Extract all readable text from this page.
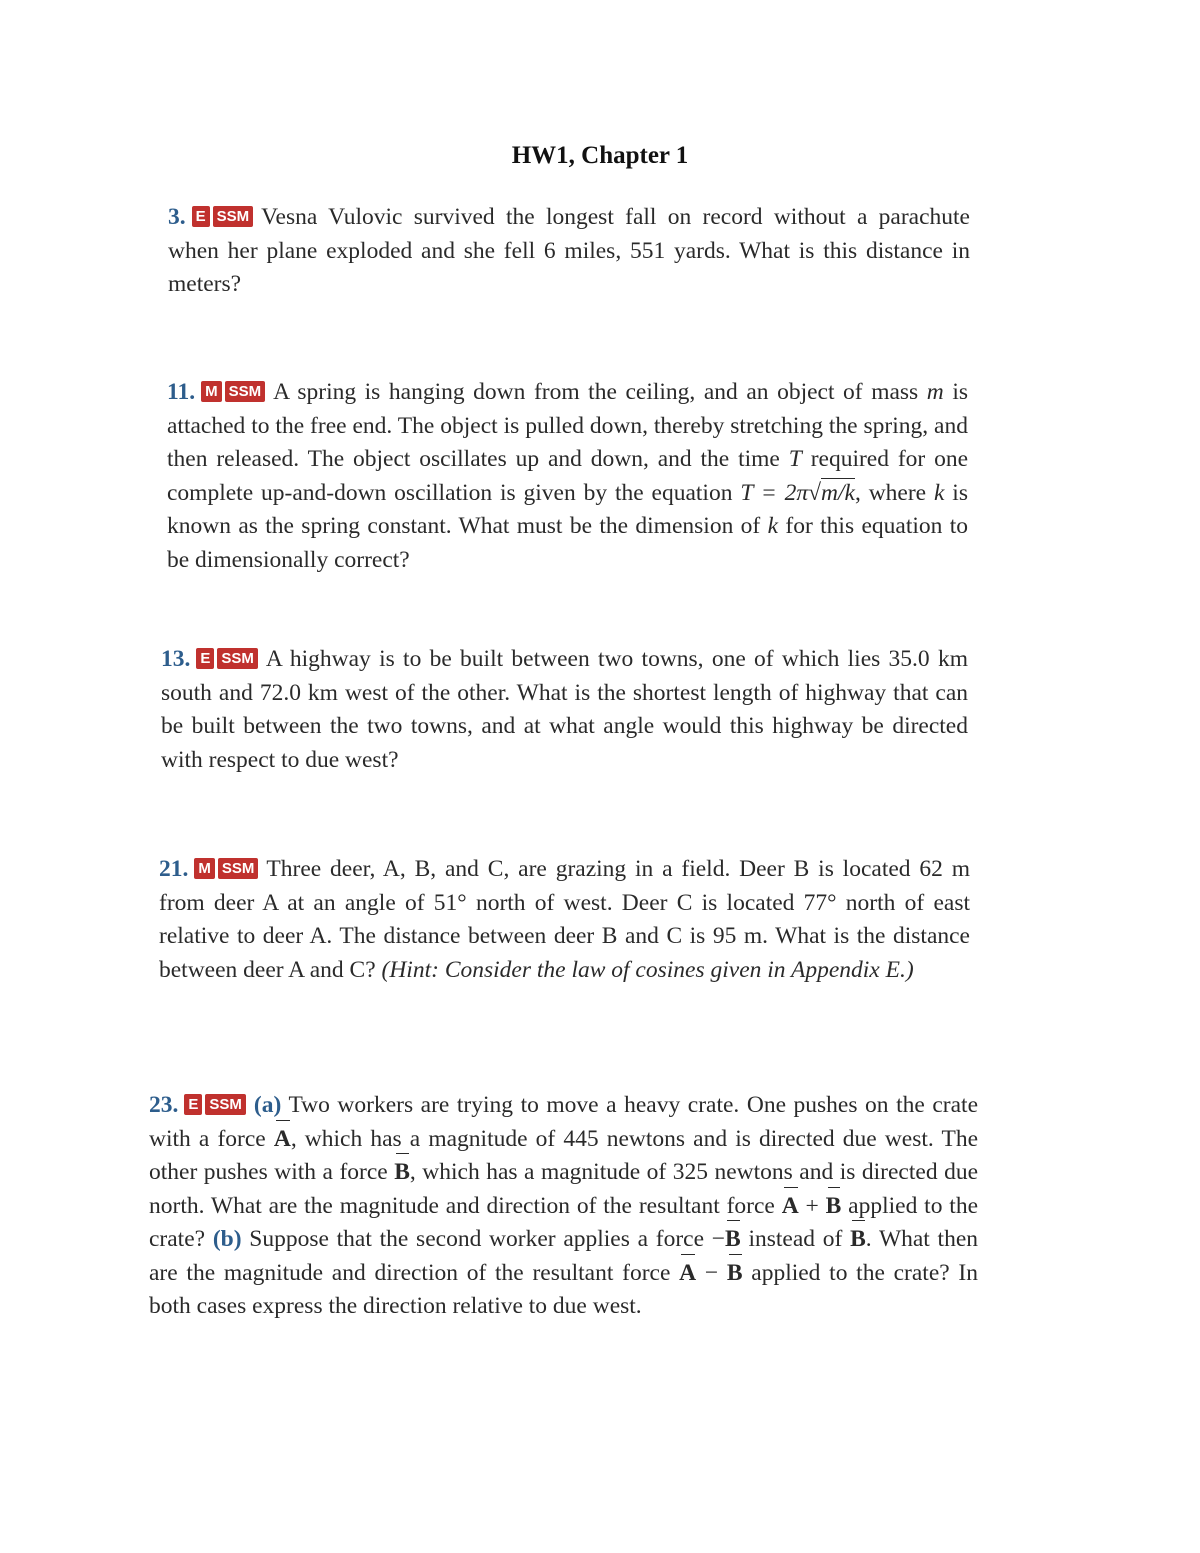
HW1, Chapter 1
3. E SSM Vesna Vulovic survived the longest fall on record without a parachute when her plane exploded and she fell 6 miles, 551 yards. What is this distance in meters?
11. M SSM A spring is hanging down from the ceiling, and an object of mass m is attached to the free end. The object is pulled down, thereby stretching the spring, and then released. The object oscillates up and down, and the time T required for one complete up-and-down oscillation is given by the equation T = 2π√m/k, where k is known as the spring constant. What must be the dimension of k for this equation to be dimensionally correct?
13. E SSM A highway is to be built between two towns, one of which lies 35.0 km south and 72.0 km west of the other. What is the shortest length of highway that can be built between the two towns, and at what angle would this highway be directed with respect to due west?
21. M SSM Three deer, A, B, and C, are grazing in a field. Deer B is located 62 m from deer A at an angle of 51° north of west. Deer C is located 77° north of east relative to deer A. The distance between deer B and C is 95 m. What is the distance between deer A and C? (Hint: Consider the law of cosines given in Appendix E.)
23. E SSM (a) Two workers are trying to move a heavy crate. One pushes on the crate with a force A, which has a magnitude of 445 newtons and is directed due west. The other pushes with a force B, which has a magnitude of 325 newtons and is directed due north. What are the magnitude and direction of the resultant force A + B applied to the crate? (b) Suppose that the second worker applies a force −B instead of B. What then are the magnitude and direction of the resultant force A − B applied to the crate? In both cases express the direction relative to due west.
